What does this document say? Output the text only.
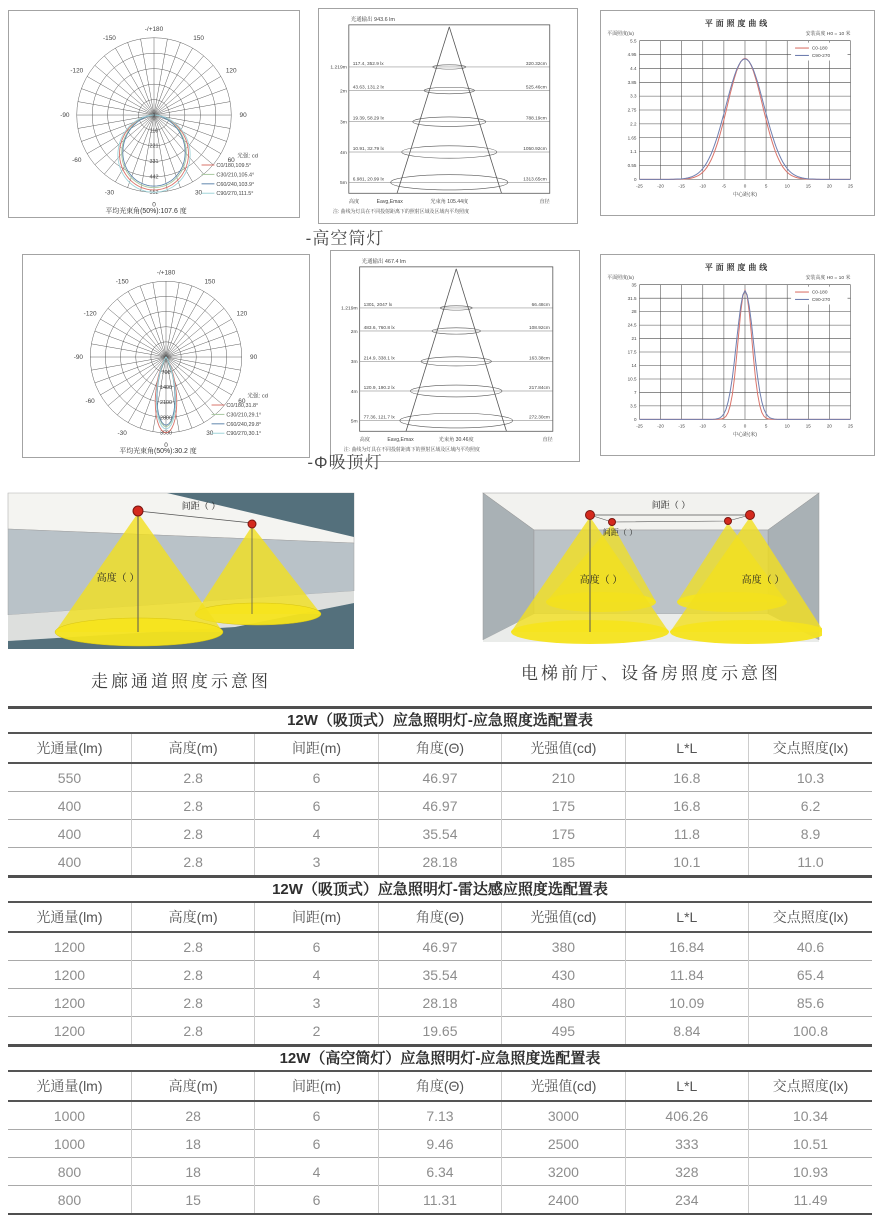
-/+180
-150
-120
-90
-60
-30
0
30
60
90
120
150
110
221
331
442
552
光强: cd
C0/180,109.5°
C30/210,105.4°
C60/240,103.9°
C90/270,111.5°
平均光束角(50%):107.6 度
光通输出 943.6 lm
1.219m
117.4, 352.9 lx	320.32cm
2m
43.63, 131.2 lx	525.46cm
3m
19.39, 58.29 lx	788.19cm
4m
10.91, 32.79 lx	1050.92cm
5m
6.981, 20.99 lx	1313.65cm
高度	Eavg,Emax	光束角 105.44度	直径
注: 曲线为灯具在不同投射距离下的照射区域及区域内平均照度
平面照度曲线
平面照度(lx)	安装高度 H0 = 10 米
0
-25
0.55
-20
1.1
-15
1.65
-10
2.2
-5
2.75
0
3.3
5
3.85
10
4.4
15
4.95
20
5.5
25
中心距(米)
C0-180
C90-270
-高空筒灯
-/+180
-150
-120
-90
-60
-30
0
30
60
90
120
150
700
1400
2100
2800
3500
光强: cd
C0/180,31.8°
C30/210,29.1°
C60/240,29.8°
C90/270,30.1°
平均光束角(50%):30.2 度
光通输出 467.4 lm
1.219m
1301, 2047 lx	66.48cm
2m
483.6, 760.8 lx	108.92cm
3m
214.9, 338.1 lx	163.38cm
4m
120.9, 190.2 lx	217.84cm
5m
77.36, 121.7 lx	272.30cm
高度	Eavg,Emax	光束角 30.46度	直径
注: 曲线为灯具在不同投射距离下的照射区域及区域内平均照度
平面照度曲线
平面照度(lx)	安装高度 H0 = 10 米
0
-25
3.5
-20
7
-15
10.5
-10
14
-5
17.5
0
21
5
24.5
10
28
15
31.5
20
35
25
中心距(米)
C0-180
C90-270
-Φ吸顶灯
间距（ ）
高度（ ）
走廊通道照度示意图
间距（ ）
间距（ ）
高度（ ）	高度（ ）
电梯前厅、设备房照度示意图
12W（吸顶式）应急照明灯-应急照度选配置表
光通量(lm)	高度(m)	间距(m)	角度(Θ)	光强值(cd)	L*L	交点照度(lx)
550	2.8	6	46.97	210	16.8	10.3
400	2.8	6	46.97	175	16.8	6.2
400	2.8	4	35.54	175	11.8	8.9
400	2.8	3	28.18	185	10.1	11.0
12W（吸顶式）应急照明灯-雷达感应照度选配置表
光通量(lm)	高度(m)	间距(m)	角度(Θ)	光强值(cd)	L*L	交点照度(lx)
1200	2.8	6	46.97	380	16.84	40.6
1200	2.8	4	35.54	430	11.84	65.4
1200	2.8	3	28.18	480	10.09	85.6
1200	2.8	2	19.65	495	8.84	100.8
12W（高空筒灯）应急照明灯-应急照度选配置表
光通量(lm)	高度(m)	间距(m)	角度(Θ)	光强值(cd)	L*L	交点照度(lx)
1000	28	6	7.13	3000	406.26	10.34
1000	18	6	9.46	2500	333	10.51
800	18	4	6.34	3200	328	10.93
800	15	6	11.31	2400	234	11.49
